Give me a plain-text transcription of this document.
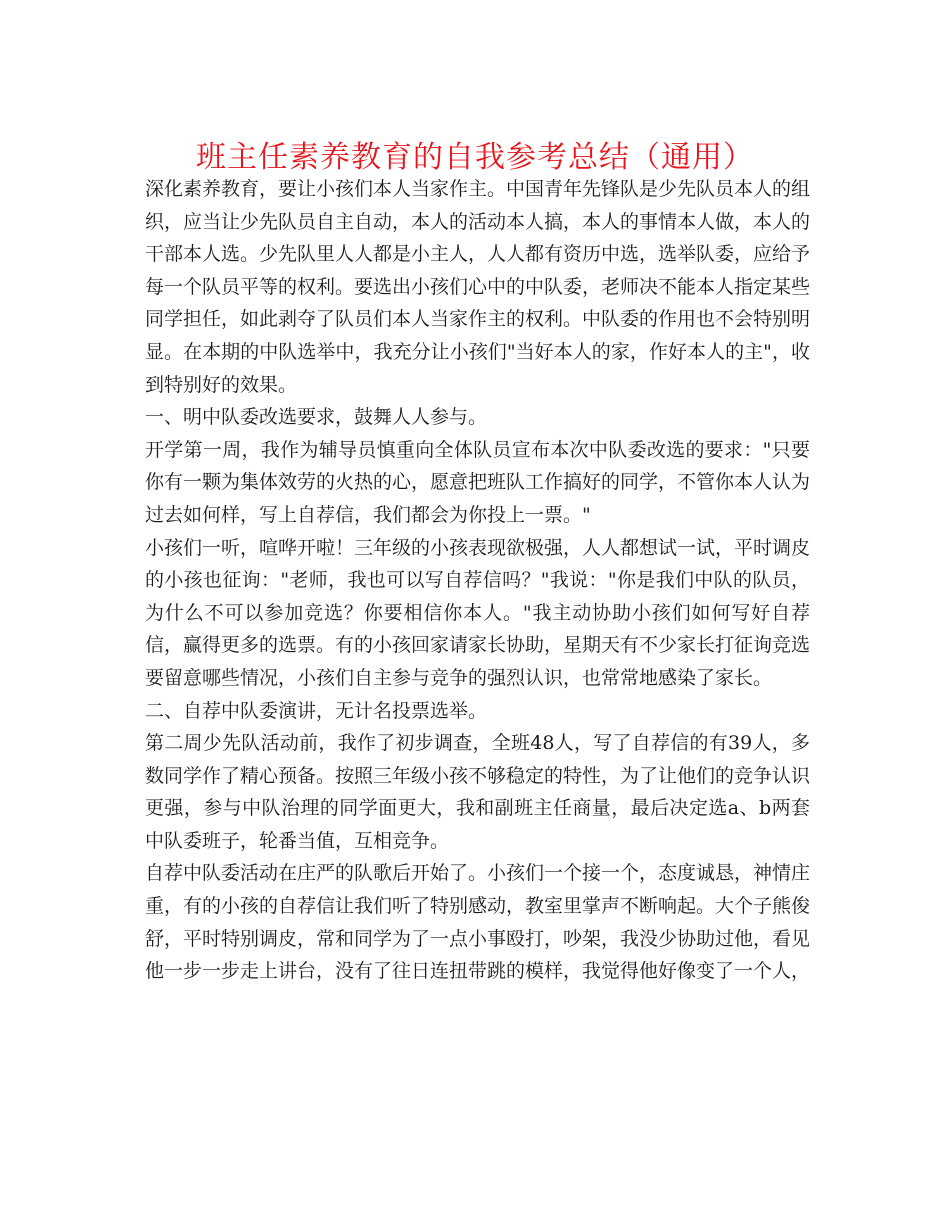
班主任素养教育的自我参考总结（通用）

深化素养教育，要让小孩们本人当家作主。中国青年先锋队是少先队员本人的组织，应当让少先队员自主自动，本人的活动本人搞，本人的事情本人做，本人的干部本人选。少先队里人人都是小主人，人人都有资历中选，选举队委，应给予每一个队员平等的权利。要选出小孩们心中的中队委，老师决不能本人指定某些同学担任，如此剥夺了队员们本人当家作主的权利。中队委的作用也不会特别明显。在本期的中队选举中，我充分让小孩们"当好本人的家，作好本人的主"，收到特别好的效果。

一、明中队委改选要求，鼓舞人人参与。

开学第一周，我作为辅导员慎重向全体队员宣布本次中队委改选的要求："只要你有一颗为集体效劳的火热的心，愿意把班队工作搞好的同学，不管你本人认为过去如何样，写上自荐信，我们都会为你投上一票。"

小孩们一听，喧哗开啦！三年级的小孩表现欲极强，人人都想试一试，平时调皮的小孩也征询："老师，我也可以写自荐信吗？"我说："你是我们中队的队员，为什么不可以参加竞选？你要相信你本人。"我主动协助小孩们如何写好自荐信，赢得更多的选票。有的小孩回家请家长协助，星期天有不少家长打征询竞选要留意哪些情况，小孩们自主参与竞争的强烈认识，也常常地感染了家长。

二、自荐中队委演讲，无计名投票选举。

第二周少先队活动前，我作了初步调查，全班48人，写了自荐信的有39人，多数同学作了精心预备。按照三年级小孩不够稳定的特性，为了让他们的竞争认识更强，参与中队治理的同学面更大，我和副班主任商量，最后决定选a、b两套中队委班子，轮番当值，互相竞争。

自荐中队委活动在庄严的队歌后开始了。小孩们一个接一个，态度诚恳，神情庄重，有的小孩的自荐信让我们听了特别感动，教室里掌声不断响起。大个子熊俊舒，平时特别调皮，常和同学为了一点小事殴打，吵架，我没少协助过他，看见他一步一步走上讲台，没有了往日连扭带跳的模样，我觉得他好像变了一个人，
